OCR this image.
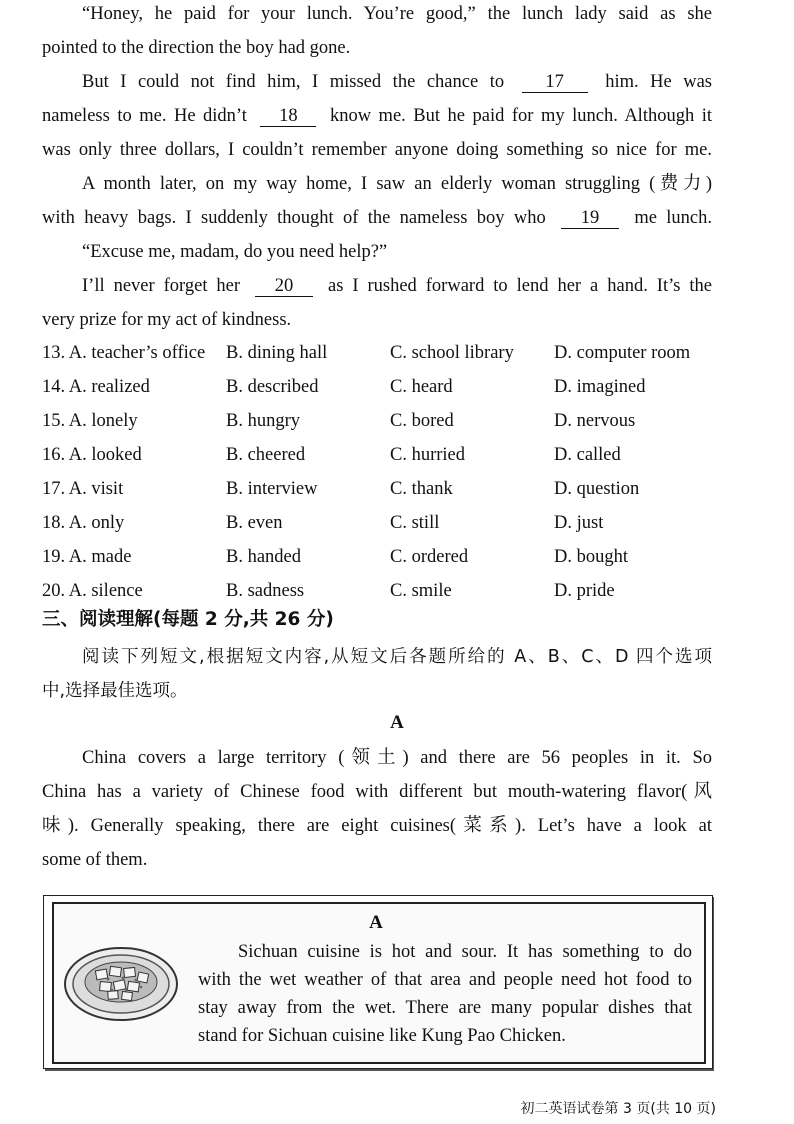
“Honey, he paid for your lunch. You’re good,” the lunch lady said as she
pointed to the direction the boy had gone.
But I could not find him, I missed the chance to 17 him. He was
nameless to me. He didn’t 18 know me. But he paid for my lunch. Although it
was only three dollars, I couldn’t remember anyone doing something so nice for me.
A month later, on my way home, I saw an elderly woman struggling (费力)
with heavy bags. I suddenly thought of the nameless boy who 19 me lunch.
“Excuse me, madam, do you need help?”
I’ll never forget her 20 as I rushed forward to lend her a hand. It’s the
very prize for my act of kindness.
13. A. teacher’s office B. dining hall	C. school library D. computer room
14. A. realized	B. described	C. heard	D. imagined
15. A. lonely	B. hungry	C. bored	D. nervous
16. A. looked	B. cheered	C. hurried	D. called
17. A. visit	B. interview	C. thank	D. question
18. A. only	B. even	C. still	D. just
19. A. made	B. handed	C. ordered	D. bought
20. A. silence	B. sadness	C. smile	D. pride
三、阅读理解(每题 2 分,共 26 分)
阅读下列短文,根据短文内容,从短文后各题所给的 A、B、C、D 四个选项
中,选择最佳选项。
A
China covers a large territory (领土) and there are 56 peoples in it. So
China has a variety of Chinese food with different but mouth-watering flavor(风
味). Generally speaking, there are eight cuisines(菜系). Let’s have a look at
some of them.
A
Sichuan cuisine is hot and sour. It has something to do
with the wet weather of that area and people need hot food to
stay away from the wet. There are many popular dishes that
stand for Sichuan cuisine like Kung Pao Chicken.
初二英语试卷第 3 页(共 10 页)
